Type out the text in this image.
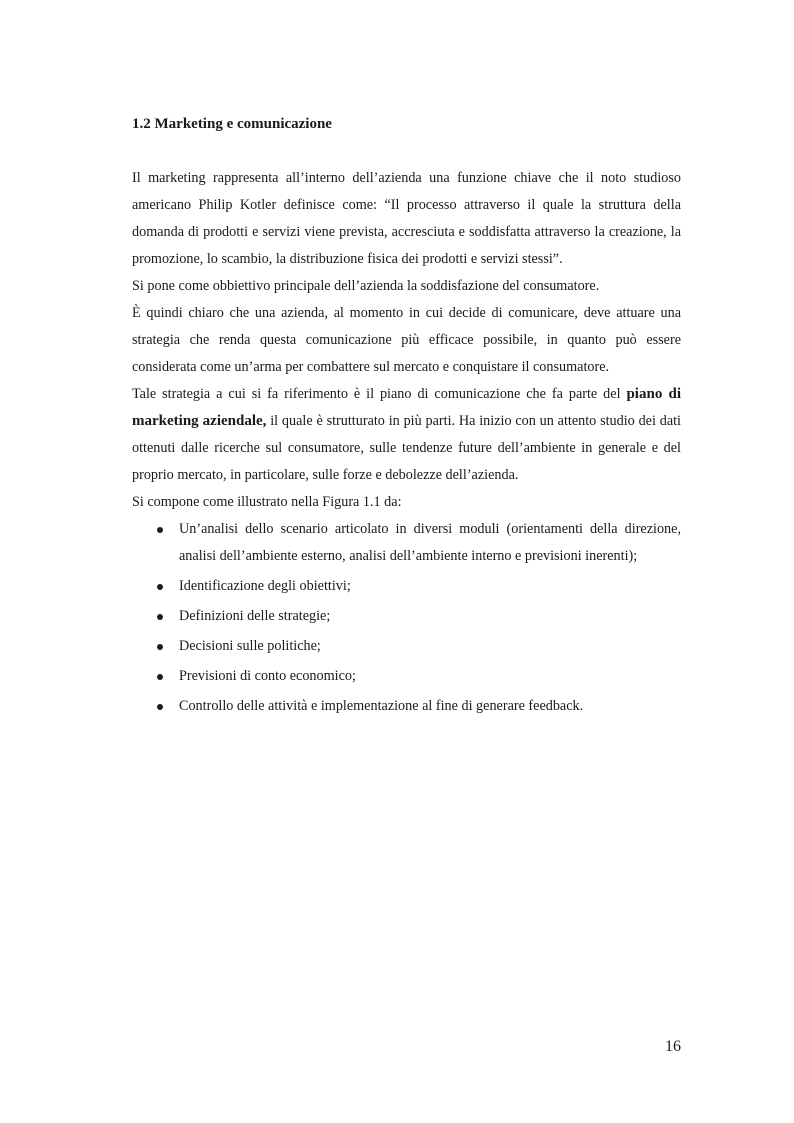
1.2 Marketing e comunicazione

Il marketing rappresenta all’interno dell’azienda una funzione chiave che il noto studioso americano Philip Kotler definisce come: “Il processo attraverso il quale la struttura della domanda di prodotti e servizi viene prevista, accresciuta e soddisfatta attraverso la creazione, la promozione, lo scambio, la distribuzione fisica dei prodotti e servizi stessi”.

Si pone come obbiettivo principale dell’azienda la soddisfazione del consumatore.

È quindi chiaro che una azienda, al momento in cui decide di comunicare, deve attuare una strategia che renda questa comunicazione più efficace possibile, in quanto può essere considerata come un’arma per combattere sul mercato e conquistare il consumatore.

Tale strategia a cui si fa riferimento è il piano di comunicazione che fa parte del piano di marketing aziendale, il quale è strutturato in più parti. Ha inizio con un attento studio dei dati ottenuti dalle ricerche sul consumatore, sulle tendenze future dell’ambiente in generale e del proprio mercato, in particolare, sulle forze e debolezze dell’azienda.

Si compone come illustrato nella Figura 1.1 da:

Un’analisi dello scenario articolato in diversi moduli (orientamenti della direzione, analisi dell’ambiente esterno, analisi dell’ambiente interno e previsioni inerenti);
Identificazione degli obiettivi;
Definizioni delle strategie;
Decisioni sulle politiche;
Previsioni di conto economico;
Controllo delle attività e implementazione al fine di generare feedback.
16
